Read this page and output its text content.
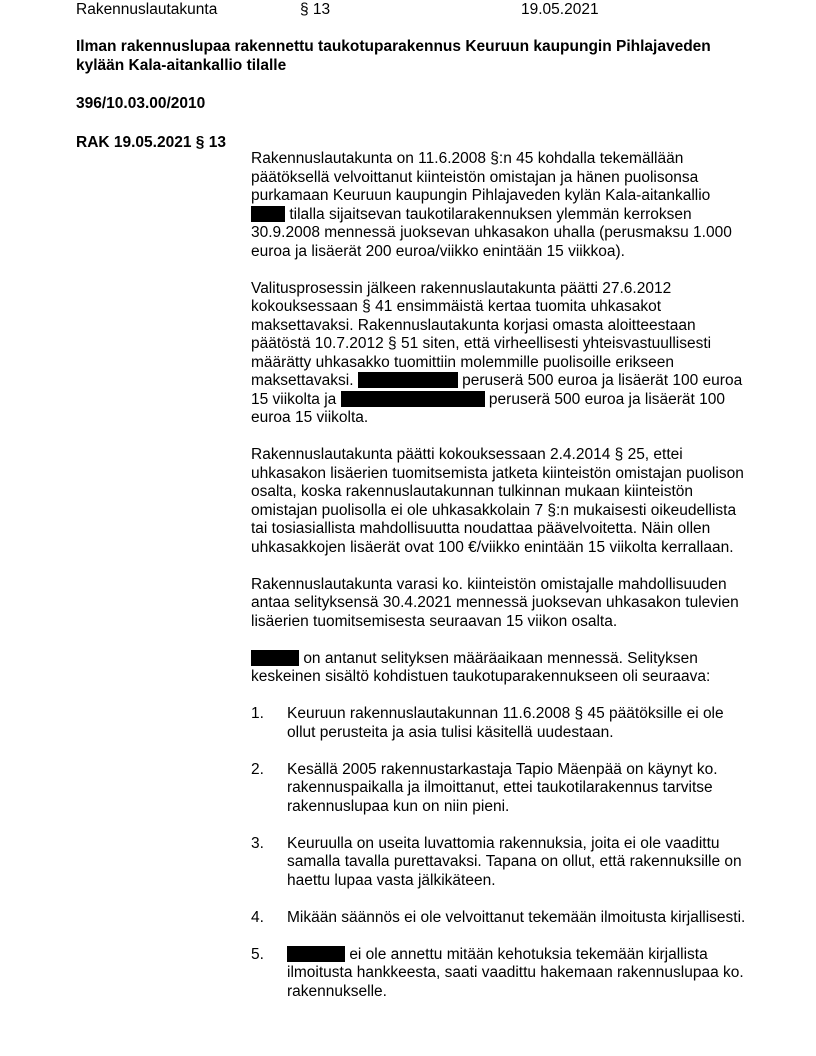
Rakennuslautakunta	§ 13	19.05.2021
Ilman rakennuslupaa rakennettu taukotuparakennus Keuruun kaupungin Pihlajaveden kylään Kala-aitankallio tilalle
396/10.03.00/2010
RAK 19.05.2021 § 13

Rakennuslautakunta on 11.6.2008 §:n 45 kohdalla tekemällään päätöksellä velvoittanut kiinteistön omistajan ja hänen puolisonsa purkamaan Keuruun kaupungin Pihlajaveden kylän Kala-aitankallio  tilalla sijaitsevan taukotilarakennuksen ylemmän kerroksen 30.9.2008 mennessä juoksevan uhkasakon uhalla (perusmaksu 1.000 euroa ja lisäerät 200 euroa/viikko enintään 15 viikkoa).

Valitusprosessin jälkeen rakennuslautakunta päätti 27.6.2012 kokouksessaan § 41 ensimmäistä kertaa tuomita uhkasakot maksettavaksi. Rakennuslautakunta korjasi omasta aloitteestaan päätöstä 10.7.2012 § 51 siten, että virheellisesti yhteisvastuullisesti määrätty uhkasakko tuomittiin molemmille puolisoille erikseen maksettavaksi.	peruserä 500 euroa ja lisäerät 100 euroa 15 viikolta ja	peruserä 500 euroa ja lisäerät 100 euroa 15 viikolta.

Rakennuslautakunta päätti kokouksessaan 2.4.2014 § 25, ettei uhkasakon lisäerien tuomitsemista jatketa kiinteistön omistajan puolison osalta, koska rakennuslautakunnan tulkinnan mukaan kiinteistön omistajan puolisolla ei ole uhkasakkolain 7 §:n mukaisesti oikeudellista tai tosiasiallista mahdollisuutta noudattaa päävelvoitetta. Näin ollen uhkasakkojen lisäerät ovat 100 €/viikko enintään 15 viikolta kerrallaan.

Rakennuslautakunta varasi ko. kiinteistön omistajalle mahdollisuuden antaa selityksensä 30.4.2021 mennessä juoksevan uhkasakon tulevien lisäerien tuomitsemisesta seuraavan 15 viikon osalta.

on antanut selityksen määräaikaan mennessä. Selityksen keskeinen sisältö kohdistuen taukotuparakennukseen oli seuraava:

1. Keuruun rakennuslautakunnan 11.6.2008 § 45 päätöksille ei ole ollut perusteita ja asia tulisi käsitellä uudestaan.
2. Kesällä 2005 rakennustarkastaja Tapio Mäenpää on käynyt ko. rakennuspaikalla ja ilmoittanut, ettei taukotilarakennus tarvitse rakennuslupaa kun on niin pieni.
3. Keuruulla on useita luvattomia rakennuksia, joita ei ole vaadittu samalla tavalla purettavaksi. Tapana on ollut, että rakennuksille on haettu lupaa vasta jälkikäteen.
4. Mikään säännös ei ole velvoittanut tekemään ilmoitusta kirjallisesti.
5.	ei ole annettu mitään kehotuksia tekemään kirjallista ilmoitusta hankkeesta, saati vaadittu hakemaan rakennuslupaa ko. rakennukselle.
